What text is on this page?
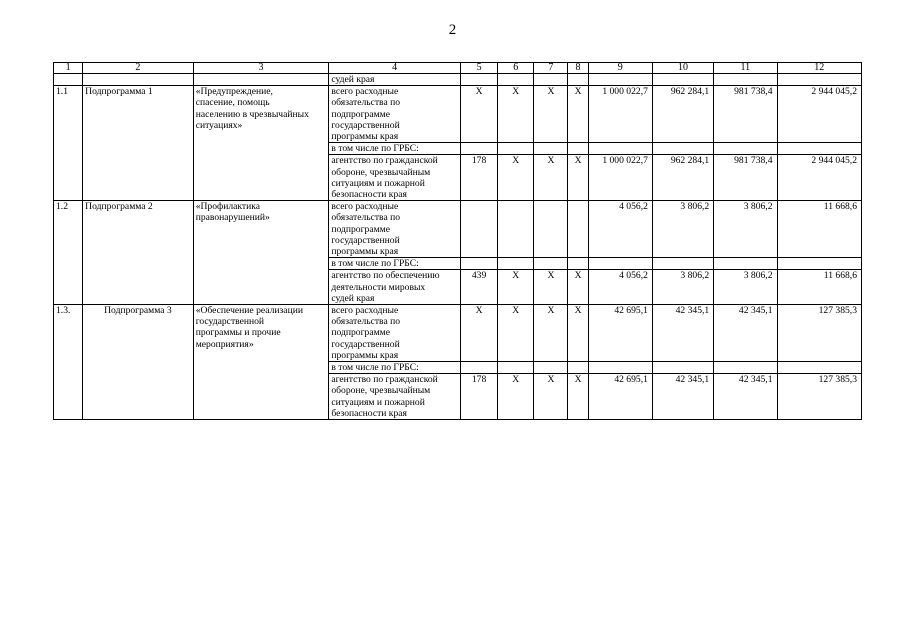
2
1	2	3	4	5	6	7	8	9	10	11	12
			судей края								
1.1	Подпрограмма 1	«Предупреждение,
спасение, помощь
населению в чрезвычайных
ситуациях»	всего расходные
обязательства по
подпрограмме
государственной
программы края	X	X	X	X	1 000 022,7	962 284,1	981 738,4	2 944 045,2
			в том числе по ГРБС:								
			агентство по гражданской
обороне, чрезвычайным
ситуациям и пожарной
безопасности края	178	X	X	X	1 000 022,7	962 284,1	981 738,4	2 944 045,2
1.2	Подпрограмма 2	«Профилактика
правонарушений»	всего расходные
обязательства по
подпрограмме
государственной
программы края					4 056,2	3 806,2	3 806,2	11 668,6
			в том числе по ГРБС:								
			агентство по обеспечению
деятельности мировых
судей края	439	X	X	X	4 056,2	3 806,2	3 806,2	11 668,6
1.3.	Подпрограмма 3	«Обеспечение реализации
государственной
программы и прочие
мероприятия»	всего расходные
обязательства по
подпрограмме
государственной
программы края	X	X	X	X	42 695,1	42 345,1	42 345,1	127 385,3
			в том числе по ГРБС:								
			агентство по гражданской
обороне, чрезвычайным
ситуациям и пожарной
безопасности края	178	X	X	X	42 695,1	42 345,1	42 345,1	127 385,3
